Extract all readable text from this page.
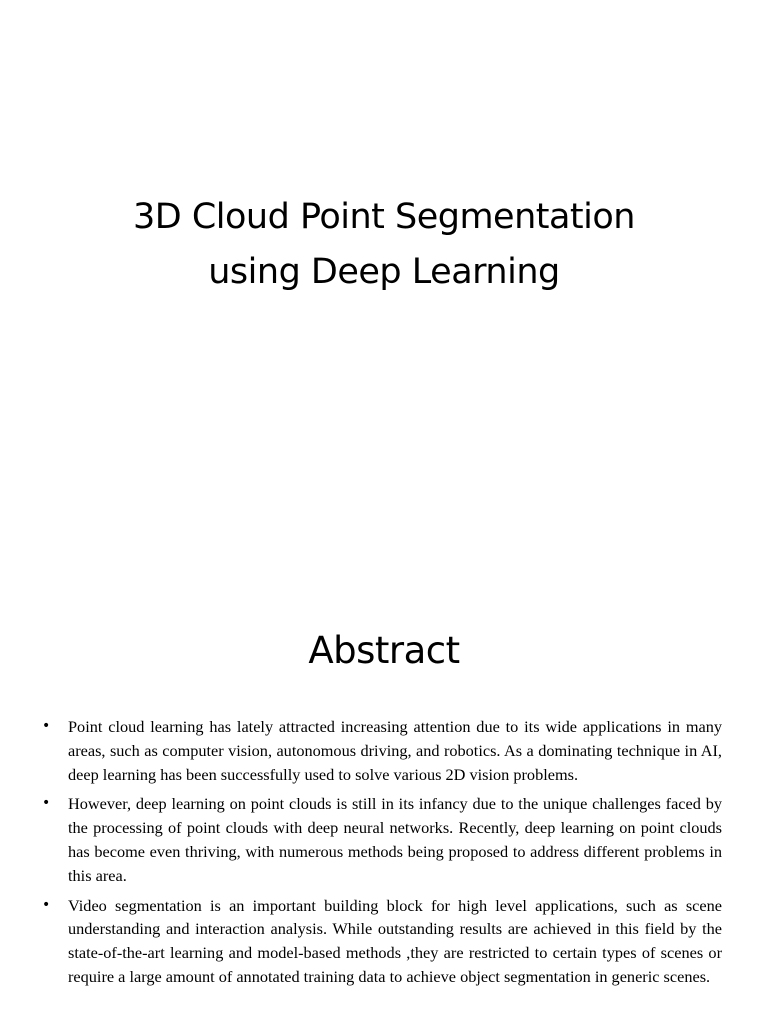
3D Cloud Point Segmentation
using Deep Learning
Abstract
• Point cloud learning has lately attracted increasing attention due to its wide applications in many areas, such as computer vision, autonomous driving, and robotics. As a dominating technique in AI, deep learning has been successfully used to solve various 2D vision problems.
• However, deep learning on point clouds is still in its infancy due to the unique challenges faced by the processing of point clouds with deep neural networks. Recently, deep learning on point clouds has become even thriving, with numerous methods being proposed to address different problems in this area.
• Video segmentation is an important building block for high level applications, such as scene understanding and interaction analysis. While outstanding results are achieved in this field by the state-of-the-art learning and model-based methods ,they are restricted to certain types of scenes or require a large amount of annotated training data to achieve object segmentation in generic scenes.
